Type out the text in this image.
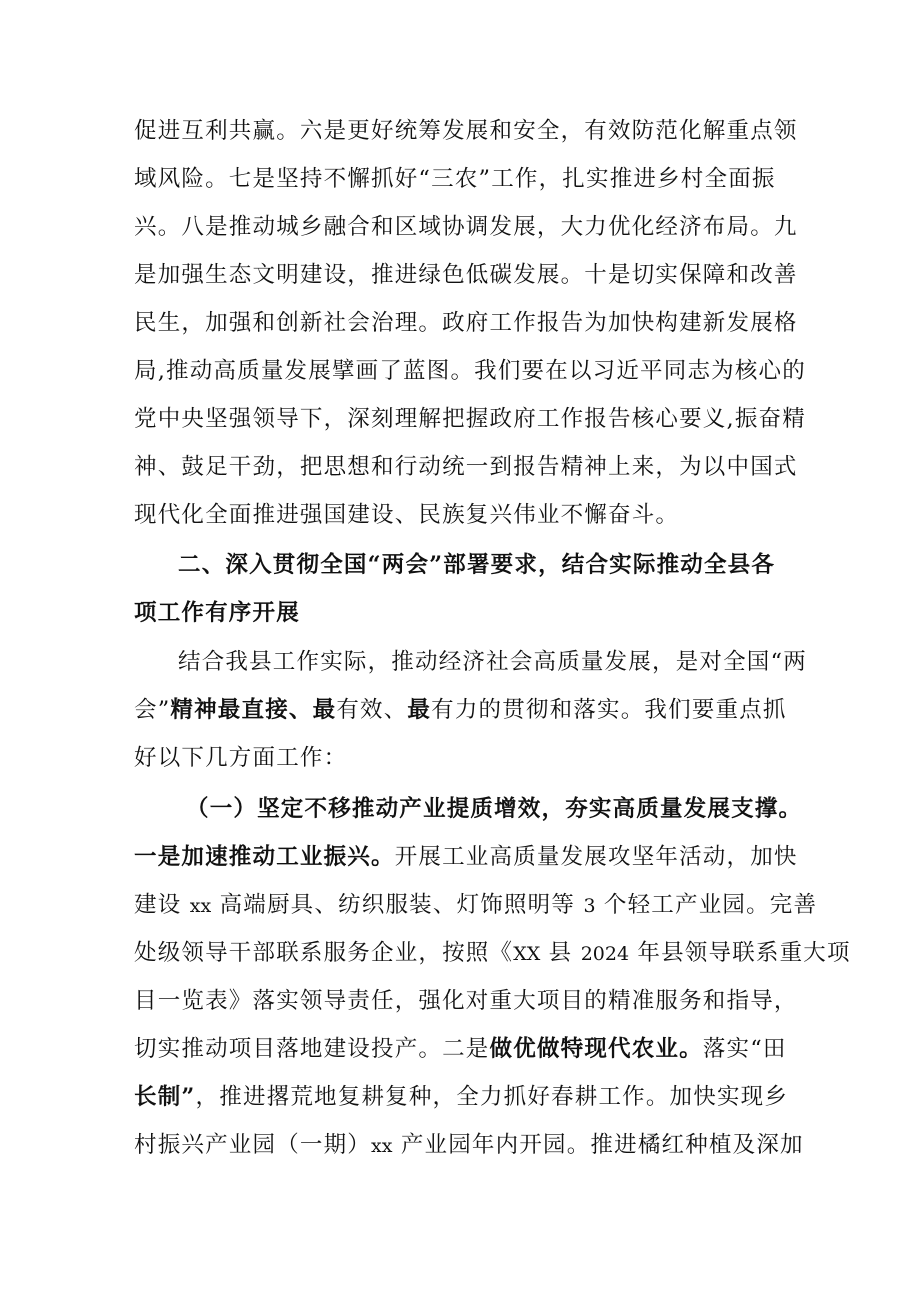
促进互利共赢。六是更好统筹发展和安全，有效防范化解重点领
域风险。七是坚持不懈抓好“三农”工作，扎实推进乡村全面振
兴。八是推动城乡融合和区域协调发展，大力优化经济布局。九
是加强生态文明建设，推进绿色低碳发展。十是切实保障和改善
民生，加强和创新社会治理。政府工作报告为加快构建新发展格
局,推动高质量发展擘画了蓝图。我们要在以习近平同志为核心的
党中央坚强领导下，深刻理解把握政府工作报告核心要义,振奋精
神、鼓足干劲，把思想和行动统一到报告精神上来，为以中国式
现代化全面推进强国建设、民族复兴伟业不懈奋斗。
二、深入贯彻全国“两会”部署要求，结合实际推动全县各
项工作有序开展
结合我县工作实际，推动经济社会高质量发展，是对全国“两
会”精神最直接、最有效、最有力的贯彻和落实。我们要重点抓
好以下几方面工作：
（一）坚定不移推动产业提质增效，夯实高质量发展支撑。
一是加速推动工业振兴。开展工业高质量发展攻坚年活动，加快
建设 xx 高端厨具、纺织服装、灯饰照明等 3 个轻工产业园。完善
处级领导干部联系服务企业，按照《XX 县 2024 年县领导联系重大项
目一览表》落实领导责任，强化对重大项目的精准服务和指导，
切实推动项目落地建设投产。二是做优做特现代农业。落实“田
长制”，推进撂荒地复耕复种，全力抓好春耕工作。加快实现乡
村振兴产业园（一期）xx 产业园年内开园。推进橘红种植及深加
